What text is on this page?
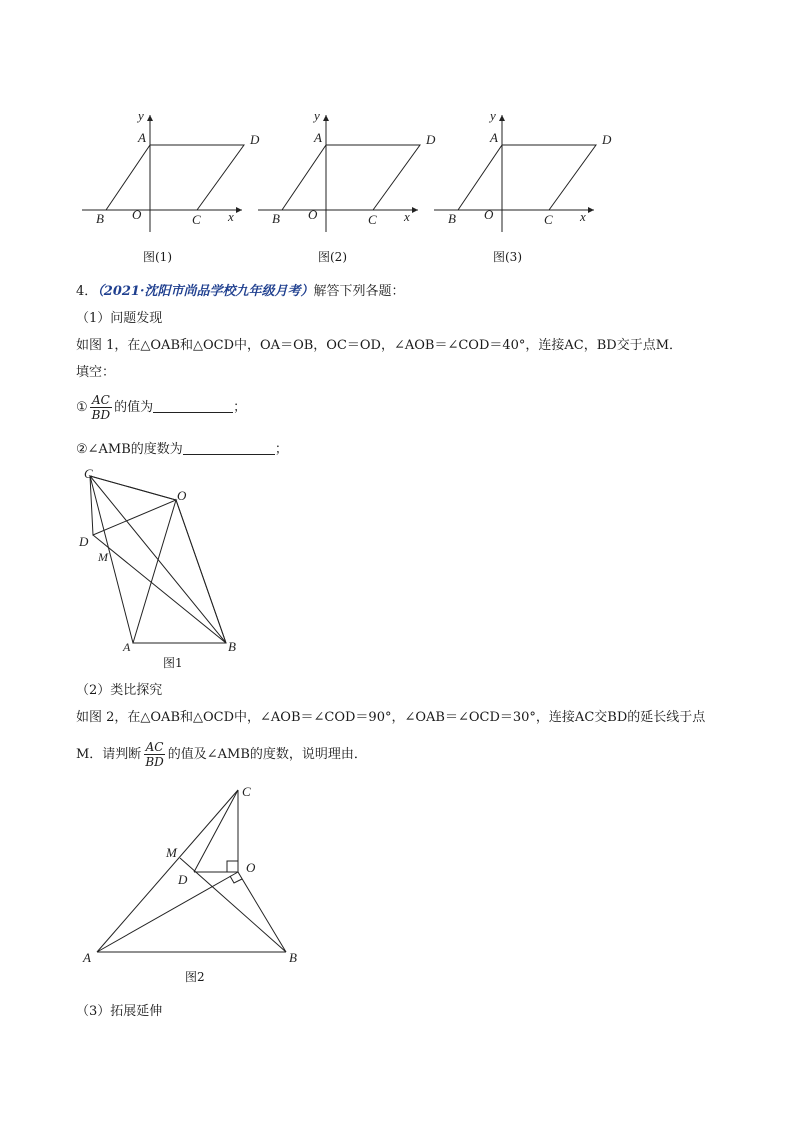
y
A	D
B O	C x
y
A	D
B O	C x
y
A	D
B O	C x
图(1)	图(2)	图(3)
4．（2021·沈阳市尚品学校九年级月考）解答下列各题：
（1）问题发现
如图 1，在△OAB和△OCD中，OA＝OB，OC＝OD，∠AOB＝∠COD＝40°，连接AC，BD交于点M．
填空：
① $\frac{AC}{BD}$ 的值为	；
②∠AMB的度数为	；
C
O
D
M
A	B
图1
（2）类比探究
如图 2，在△OAB和△OCD中，∠AOB＝∠COD＝90°，∠OAB＝∠OCD＝30°，连接AC交BD的延长线于点
M．请判断 $\frac{AC}{BD}$ 的值及∠AMB的度数，说明理由．
C
M
D
O
A	B
图2
（3）拓展延伸
